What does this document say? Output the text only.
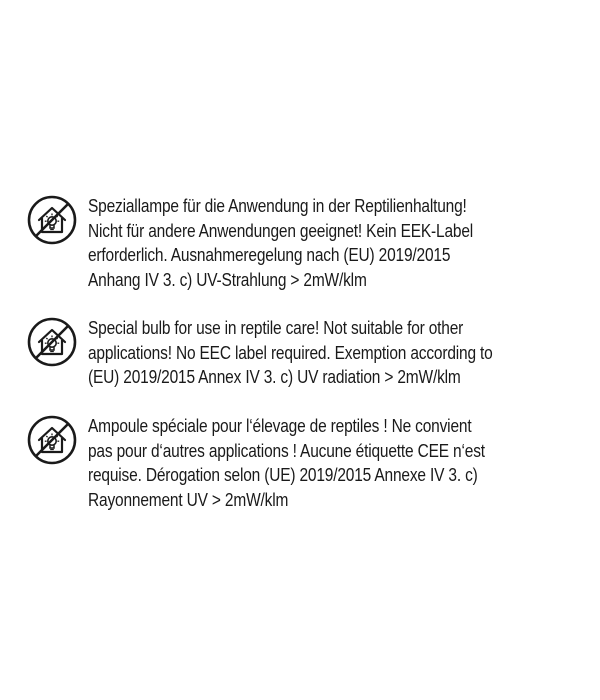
Speziallampe für die Anwendung in der Reptilienhaltung!
Nicht für andere Anwendungen geeignet! Kein EEK-Label
erforderlich. Ausnahmeregelung nach (EU) 2019/2015
Anhang IV 3. c) UV-Strahlung > 2mW/klm
Special bulb for use in reptile care! Not suitable for other
applications! No EEC label required. Exemption according to
(EU) 2019/2015 Annex IV 3. c) UV radiation > 2mW/klm
Ampoule spéciale pour l‘élevage de reptiles ! Ne convient
pas pour d‘autres applications ! Aucune étiquette CEE n‘est
requise. Dérogation selon (UE) 2019/2015 Annexe IV 3. c)
Rayonnement UV > 2mW/klm
